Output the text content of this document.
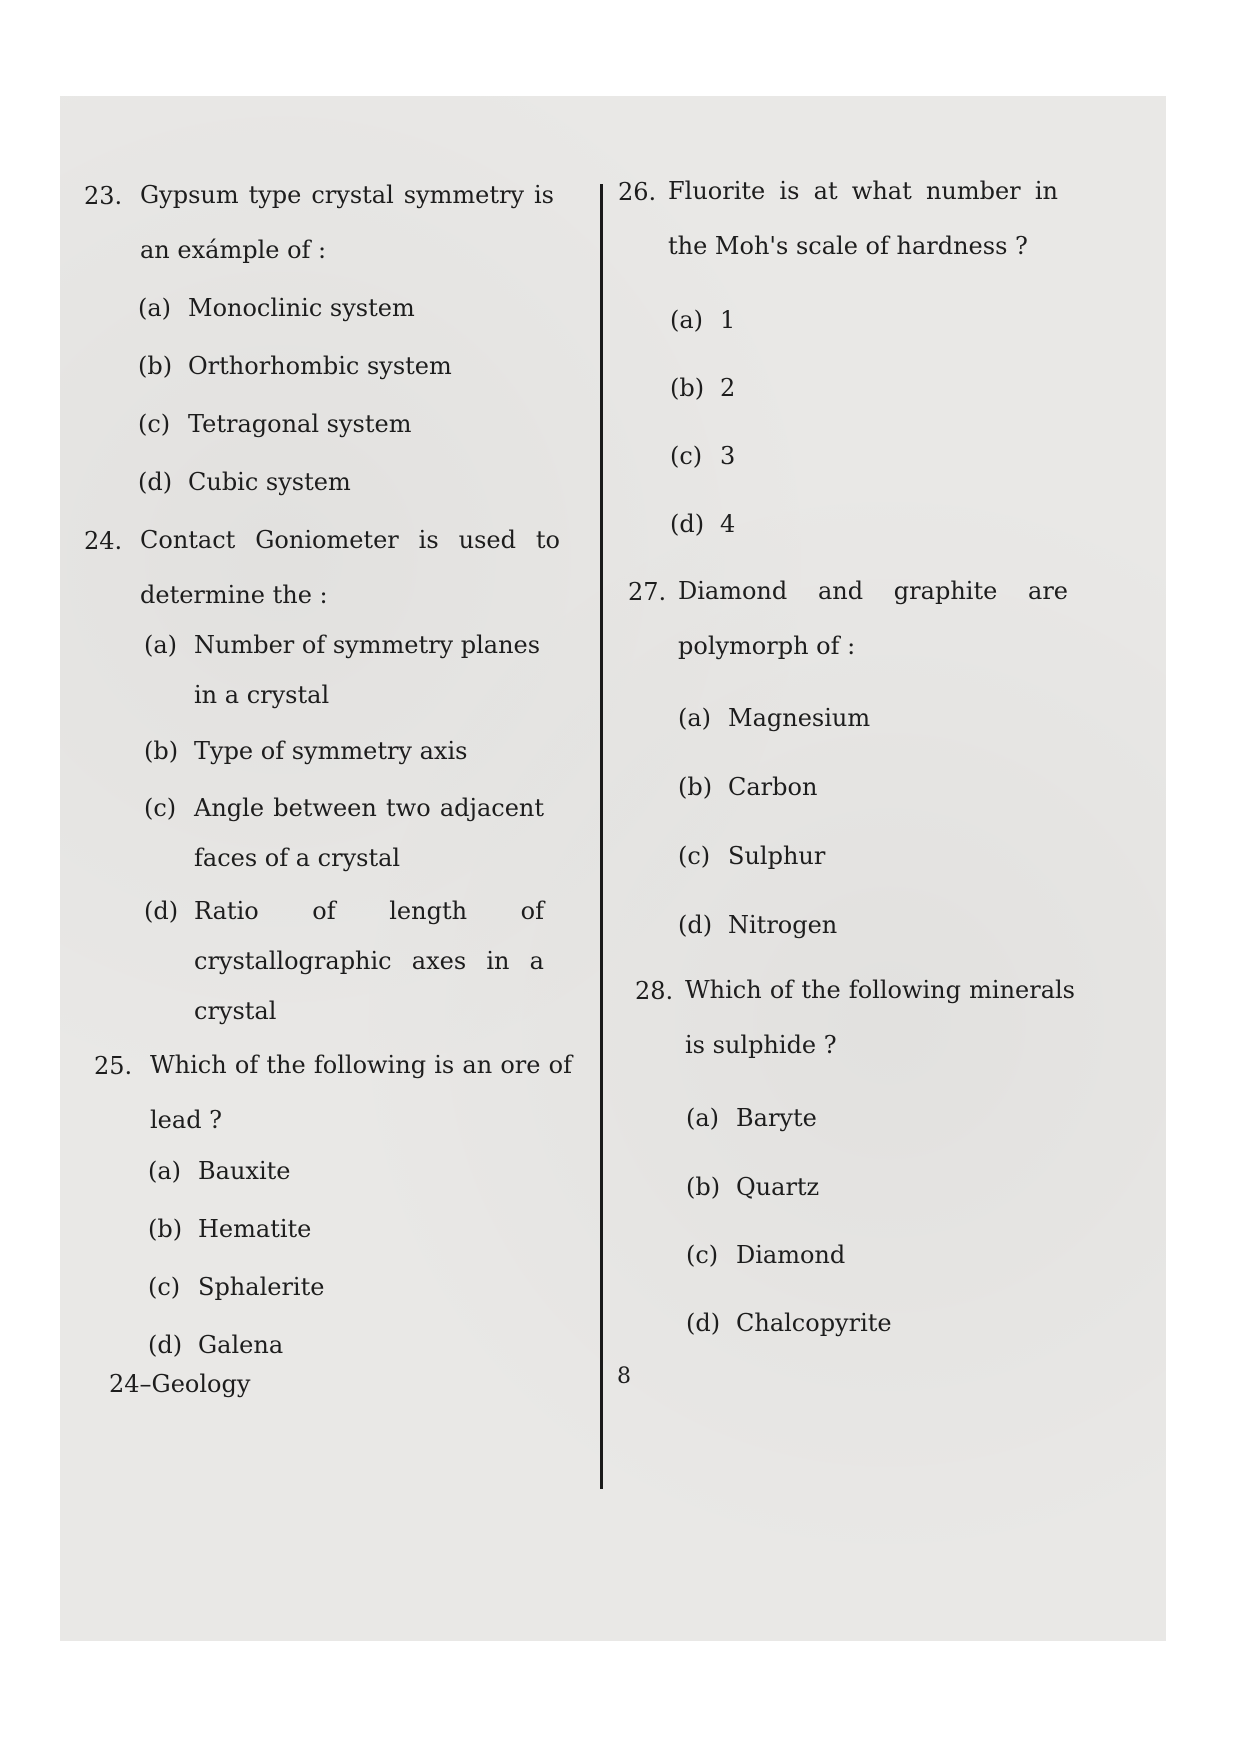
23. Gypsum type crystal symmetry is an exámple of :
(a) Monoclinic system
(b) Orthorhombic system
(c) Tetragonal system
(d) Cubic system
24. Contact Goniometer is used to determine the :
(a) Number of symmetry planes in a crystal
(b) Type of symmetry axis
(c) Angle between two adjacent faces of a crystal
(d) Ratio of length of crystallographic axes in a crystal
25. Which of the following is an ore of lead ?
(a) Bauxite
(b) Hematite
(c) Sphalerite
(d) Galena
24–Geology
26. Fluorite is at what number in the Moh's scale of hardness ?
(a) 1
(b) 2
(c) 3
(d) 4
27. Diamond and graphite are polymorph of :
(a) Magnesium
(b) Carbon
(c) Sulphur
(d) Nitrogen
28. Which of the following minerals is sulphide ?
(a) Baryte
(b) Quartz
(c) Diamond
(d) Chalcopyrite
8
